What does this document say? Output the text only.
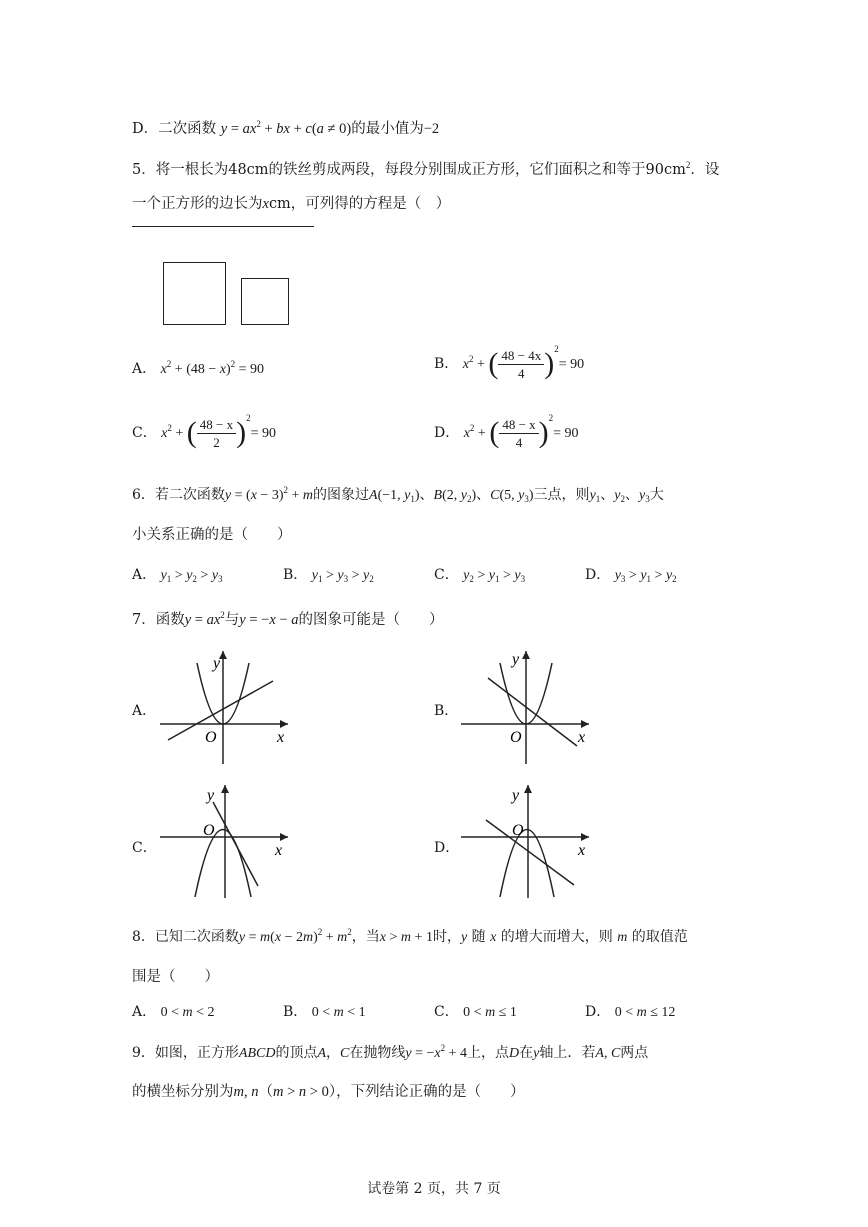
D．二次函数 $y = ax^2$ + bx + c(a ≠ 0)的最小值为−2
5．将一根长为48cm的铁丝剪成两段，每段分别围成正方形，它们面积之和等于$90cm^2$．设
一个正方形的边长为xcm，可列得的方程是（　）
A． $x^2 + (48 - x)^2 = 90$	B． $x^2$ + ( $\frac{48 - 4x}{4} )^2= 90$
C． $x^2$ + ( $\frac{48 - x}{2} )^2= 90$	D． $x^2$ + ( $\frac{48 - x}{4} )^2= 90$
6．若二次函数$y = (x - 3)^2 + m$的图象过A(−1, $y_1$)、B(2, $y_2$)、C(5, $y_3$)三点，则$y_1$、$y_2$、$y_3$大
小关系正确的是（　　）
A． $y_1 > y_2 > y_3$	B． $y_1 > y_3 > y_2$	C． $y_2 > y_1 > y_3$	D． $y_3 > y_1 > y_2$
7．函数$y = ax^2$与y = −x − a的图象可能是（　　）
A．
y
x
O
B．
y
x
O
C．
y
x
O
D．
y
x
O
8．已知二次函数$y = m(x - 2m)^2 + m^2$，当x > m + 1时，y 随 x 的增大而增大，则 m 的取值范
围是（　　）
A． 0 < m < 2	B． 0 < m < 1	C． 0 < m ≤ 1	D． 0 < m ≤ 12
9．如图，正方形ABCD的顶点A，C在抛物线$y = -x^2 + 4$上，点D在y轴上．若A, C两点
的横坐标分别为m, n（m > n > 0），下列结论正确的是（　　）
试卷第 2 页，共 7 页
